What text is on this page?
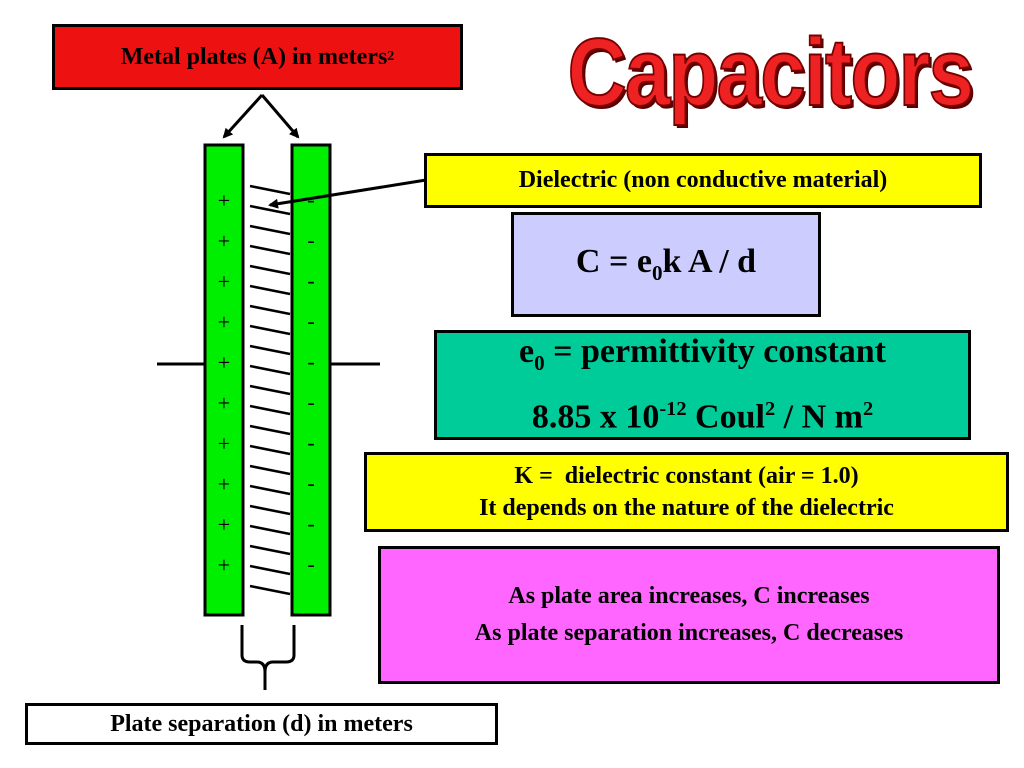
Metal plates (A) in meters 2 Capacitors
+
+	-
+	-
+	-
+	-
+	-
+	-
+	-
+	-
+	-
Dielectric (non conductive material)
$C = e_0k$ A / d
$e_0$ = permittivity constant
8.85 x $10^{-12}$ Coul$^2$ / N $m^2$
K =  dielectric constant (air = 1.0)
It depends on the nature of the dielectric
As plate area increases, C increases
As plate separation increases, C decreases
Plate separation (d) in meters
